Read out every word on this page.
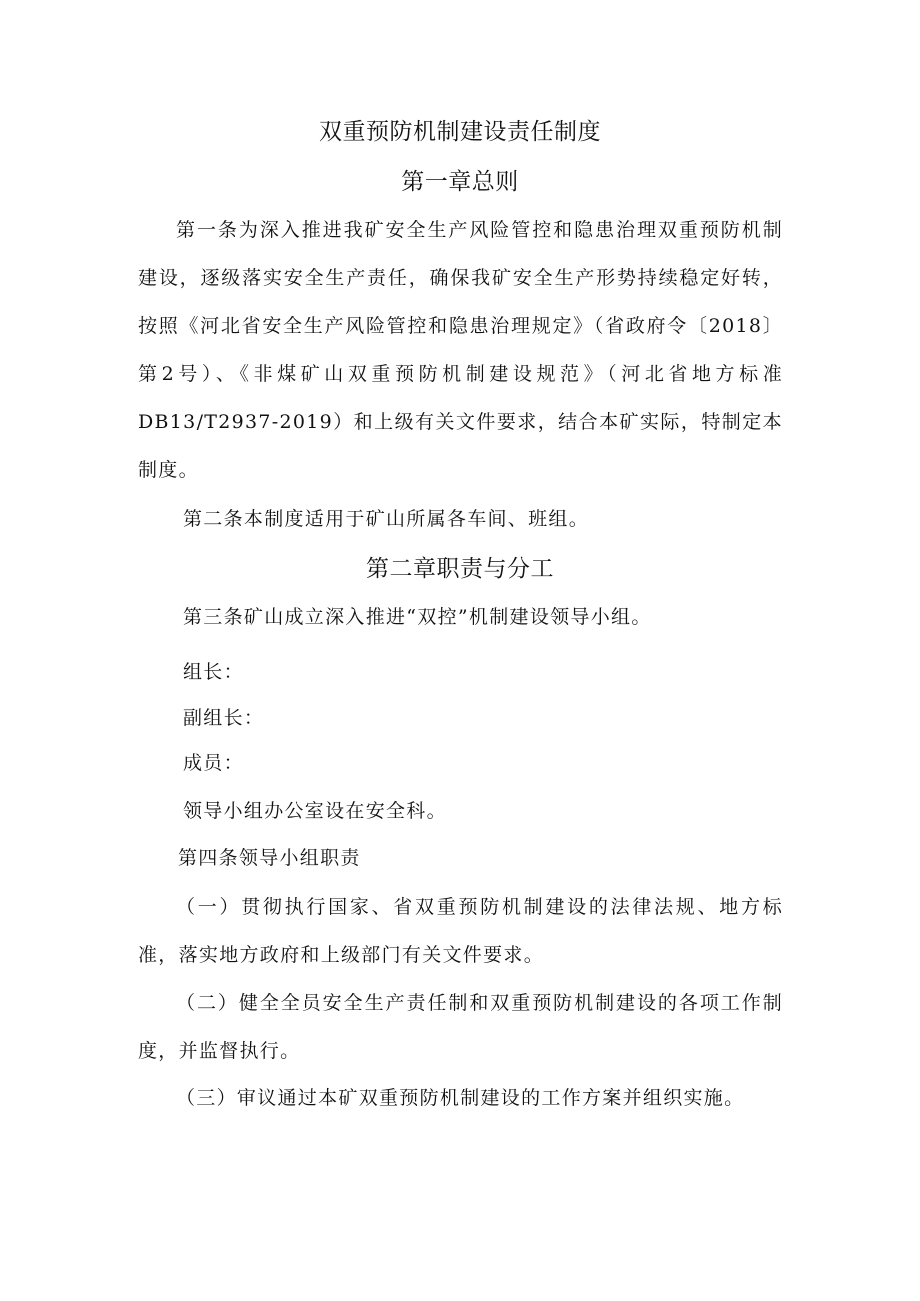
双重预防机制建设责任制度
第一章总则

第一条为深入推进我矿安全生产风险管控和隐患治理双重预防机制建设，逐级落实安全生产责任，确保我矿安全生产形势持续稳定好转，按照《河北省安全生产风险管控和隐患治理规定》（省政府令〔2018〕第2号）、《非煤矿山双重预防机制建设规范》（河北省地方标准DB13/T2937-2019）和上级有关文件要求，结合本矿实际，特制定本制度。

第二条本制度适用于矿山所属各车间、班组。
第二章职责与分工
第三条矿山成立深入推进“双控”机制建设领导小组。
组长：
副组长：
成员：
领导小组办公室设在安全科。
第四条领导小组职责

（一）贯彻执行国家、省双重预防机制建设的法律法规、地方标准，落实地方政府和上级部门有关文件要求。

（二）健全全员安全生产责任制和双重预防机制建设的各项工作制度，并监督执行。

（三）审议通过本矿双重预防机制建设的工作方案并组织实施。
